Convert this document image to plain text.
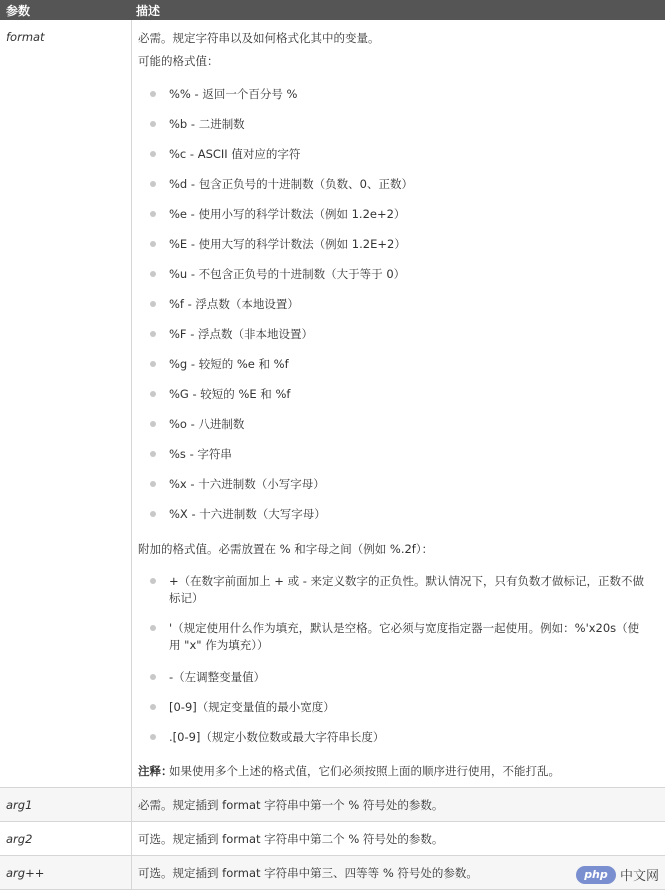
参数	描述
format	必需。规定字符串以及如何格式化其中的变量。
可能的格式值：
%% - 返回一个百分号 %
%b - 二进制数
%c - ASCII 值对应的字符
%d - 包含正负号的十进制数（负数、0、正数）
%e - 使用小写的科学计数法（例如 1.2e+2）
%E - 使用大写的科学计数法（例如 1.2E+2）
%u - 不包含正负号的十进制数（大于等于 0）
%f - 浮点数（本地设置）
%F - 浮点数（非本地设置）
%g - 较短的 %e 和 %f
%G - 较短的 %E 和 %f
%o - 八进制数
%s - 字符串
%x - 十六进制数（小写字母）
%X - 十六进制数（大写字母）
附加的格式值。必需放置在 % 和字母之间（例如 %.2f）：
+（在数字前面加上 + 或 - 来定义数字的正负性。默认情况下，只有负数才做标记，正数不做
标记）
'（规定使用什么作为填充，默认是空格。它必须与宽度指定器一起使用。例如：%'x20s（使
用 "x" 作为填充））
-（左调整变量值）
[0-9]（规定变量值的最小宽度）
.[0-9]（规定小数位数或最大字符串长度）
注释：
如果使用多个上述的格式值，它们必须按照上面的顺序进行使用，不能打乱。
arg1	必需。规定插到 format 字符串中第一个 % 符号处的参数。
arg2	可选。规定插到 format 字符串中第二个 % 符号处的参数。
arg++	可选。规定插到 format 字符串中第三、四等等 % 符号处的参数。	php 中文网
